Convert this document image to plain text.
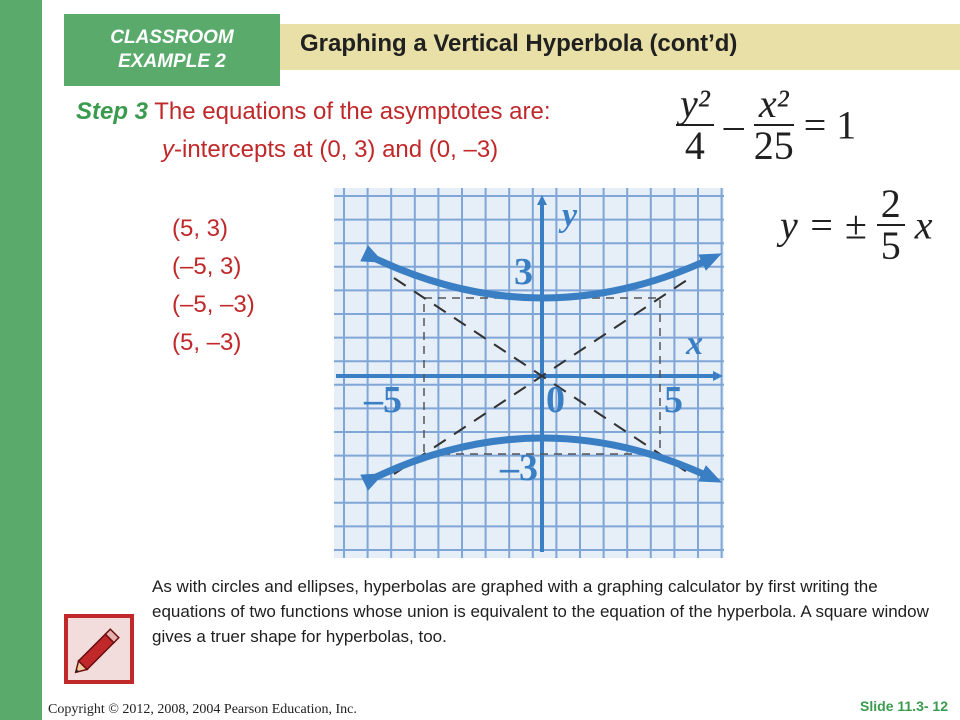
CLASSROOM
EXAMPLE 2
Graphing a Vertical Hyperbola (cont’d)
Step 3 The equations of the asymptotes are:
y-intercepts at (0, 3) and (0, –3)
(5, 3)
(–5, 3)
(–5, –3)
(5, –3)
$\frac{\text{y²}}{4} - \frac{\text{x²}}{25} = 1$
y = ± $\frac{2}{5}$ x
y
x
3
–3
–5	5
0
As with circles and ellipses, hyperbolas are graphed with a graphing calculator by first writing the equations of two functions whose union is equivalent to the equation of the hyperbola. A square window gives a truer shape for hyperbolas, too.
Copyright © 2012, 2008, 2004 Pearson Education, Inc.	Slide 11.3- 12
